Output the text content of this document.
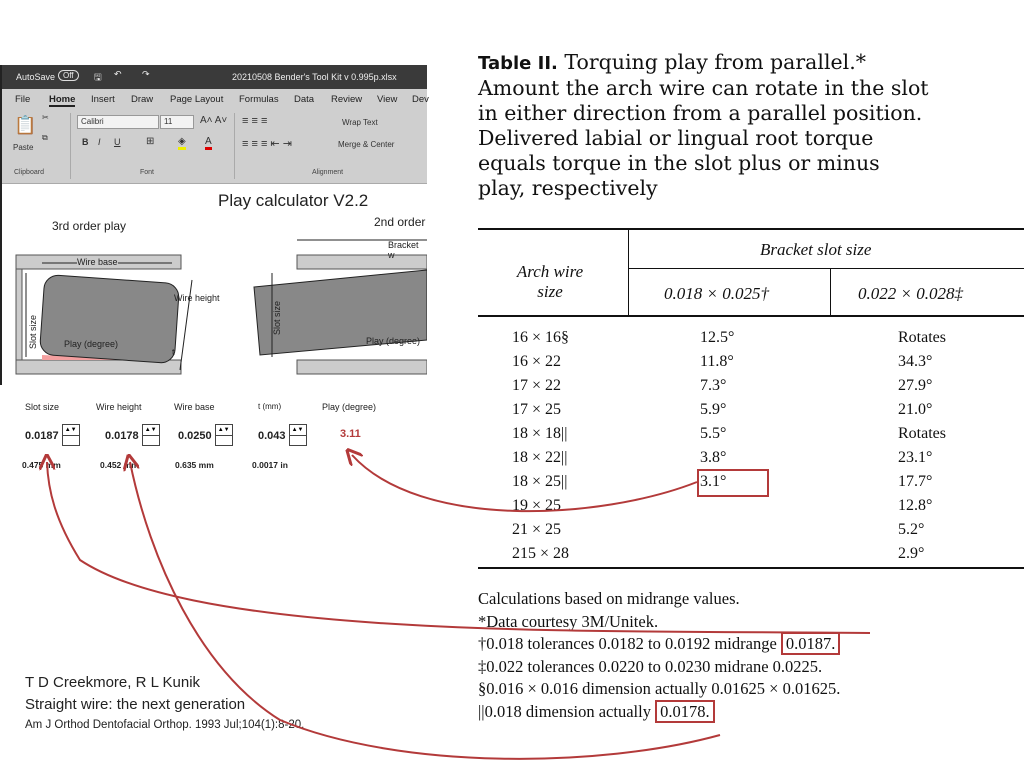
AutoSave Off	🖫 ↶ ↷	20210508 Bender's Tool Kit v 0.995p.xlsx
File Home Insert Draw Page Layout Formulas Data Review View Dev
📋
Paste
✂
⧉
Calibri	11	A˄ A˅
B I U	⊞ ◈ A
≡ ≡ ≡
≡ ≡ ≡ ⇤ ⇥
Wrap Text
Merge & Center
Clipboard	Font	Alignment
Play calculator V2.2
3rd order play	2nd order
Wire base
Wire height
Slot size	Play (degree)
t
Bracket w
Slot size
Play (degree)
Slot size	Wire height	Wire base	t (mm)	Play (degree)
0.0187▲▼
0.0178▲▼
0.0250▲▼
0.043▲▼	3.11
0.475 mm	0.452 mm	0.635 mm	0.0017 in
Table II. Torquing play from parallel.*
Amount the arch wire can rotate in the slot
in either direction from a parallel position.
Delivered labial or lingual root torque
equals torque in the slot plus or minus
play, respectively
Arch wire size
Bracket slot size
0.018 × 0.025†	0.022 × 0.028‡
16 × 16§	12.5°	Rotates
16 × 22	11.8°	34.3°
17 × 22	7.3°	27.9°
17 × 25	5.9°	21.0°
18 × 18||	5.5°	Rotates
18 × 22||	3.8°	23.1°
18 × 25||	3.1°	17.7°
19 × 25	12.8°
21 × 25	5.2°
215 × 28	2.9°
Calculations based on midrange values.
*Data courtesy 3M/Unitek.
†0.018 tolerances 0.0182 to 0.0192 midrange 0.0187.
‡0.022 tolerances 0.0220 to 0.0230 midrane 0.0225.
§0.016 × 0.016 dimension actually 0.01625 × 0.01625.
||0.018 dimension actually 0.0178.
T D Creekmore, R L Kunik
Straight wire: the next generation
Am J Orthod Dentofacial Orthop. 1993 Jul;104(1):8-20.
